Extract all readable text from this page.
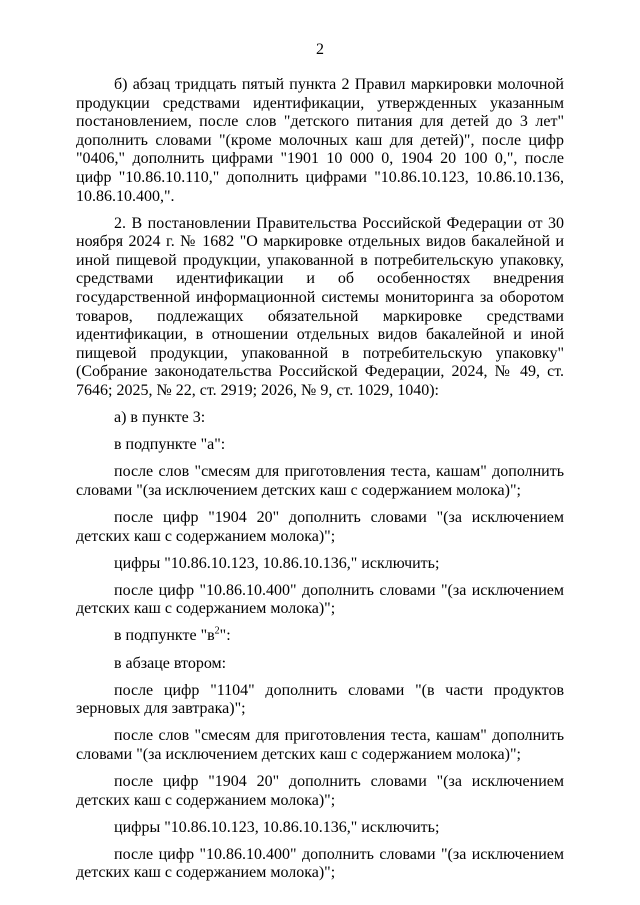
2

б) абзац тридцать пятый пункта 2 Правил маркировки молочной продукции средствами идентификации, утвержденных указанным постановлением, после слов "детского питания для детей до 3 лет" дополнить словами "(кроме молочных каш для детей)", после цифр "0406," дополнить цифрами "1901 10 000 0, 1904 20 100 0,", после цифр "10.86.10.110," дополнить цифрами "10.86.10.123, 10.86.10.136, 10.86.10.400,".

2. В постановлении Правительства Российской Федерации от 30 ноября 2024 г. № 1682 "О маркировке отдельных видов бакалейной и иной пищевой продукции, упакованной в потребительскую упаковку, средствами идентификации и об особенностях внедрения государственной информационной системы мониторинга за оборотом товаров, подлежащих обязательной маркировке средствами идентификации, в отношении отдельных видов бакалейной и иной пищевой продукции, упакованной в потребительскую упаковку" (Собрание законодательства Российской Федерации, 2024, № 49, ст. 7646; 2025, № 22, ст. 2919; 2026, № 9, ст. 1029, 1040):

а) в пункте 3:

в подпункте "а":

после слов "смесям для приготовления теста, кашам" дополнить словами "(за исключением детских каш с содержанием молока)";

после цифр "1904 20" дополнить словами "(за исключением детских каш с содержанием молока)";

цифры "10.86.10.123, 10.86.10.136," исключить;

после цифр "10.86.10.400" дополнить словами "(за исключением детских каш с содержанием молока)";

в подпункте "$в^2$":

в абзаце втором:

после цифр "1104" дополнить словами "(в части продуктов зерновых для завтрака)";

после слов "смесям для приготовления теста, кашам" дополнить словами "(за исключением детских каш с содержанием молока)";

после цифр "1904 20" дополнить словами "(за исключением детских каш с содержанием молока)";

цифры "10.86.10.123, 10.86.10.136," исключить;

после цифр "10.86.10.400" дополнить словами "(за исключением детских каш с содержанием молока)";
